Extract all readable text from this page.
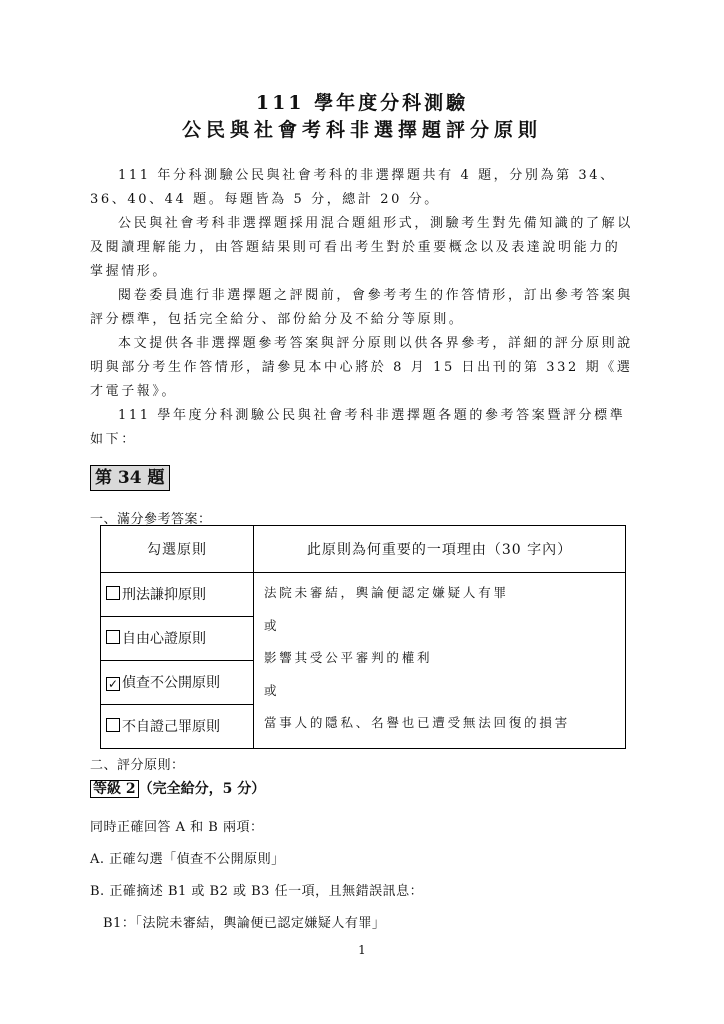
111 學年度分科測驗
公民與社會考科非選擇題評分原則

111 年分科測驗公民與社會考科的非選擇題共有 4 題，分別為第 34、36、40、44 題。每題皆為 5 分，總計 20 分。

公民與社會考科非選擇題採用混合題組形式，測驗考生對先備知識的了解以及閱讀理解能力，由答題結果則可看出考生對於重要概念以及表達說明能力的掌握情形。

閱卷委員進行非選擇題之評閱前，會參考考生的作答情形，訂出參考答案與評分標準，包括完全給分、部份給分及不給分等原則。

本文提供各非選擇題參考答案與評分原則以供各界參考，詳細的評分原則說明與部分考生作答情形，請參見本中心將於 8 月 15 日出刊的第 332 期《選才電子報》。

111 學年度分科測驗公民與社會考科非選擇題各題的參考答案暨評分標準如下：

第 34 題
一、滿分參考答案：
勾選原則	此原則為何重要的一項理由（30 字內）
刑法謙抑原則	法院未審結，輿論便認定嫌疑人有罪
或
影響其受公平審判的權利
或
當事人的隱私、名譽也已遭受無法回復的損害

自由心證原則	
✓ 偵查不公開原則	
不自證己罪原則	
二、評分原則：
等級 2 （完全給分，5 分）
同時正確回答 A 和 B 兩項：
A. 正確勾選「偵查不公開原則」
B. 正確摘述 B1 或 B2 或 B3 任一項，且無錯誤訊息：
B1：「法院未審結，輿論便已認定嫌疑人有罪」
1
